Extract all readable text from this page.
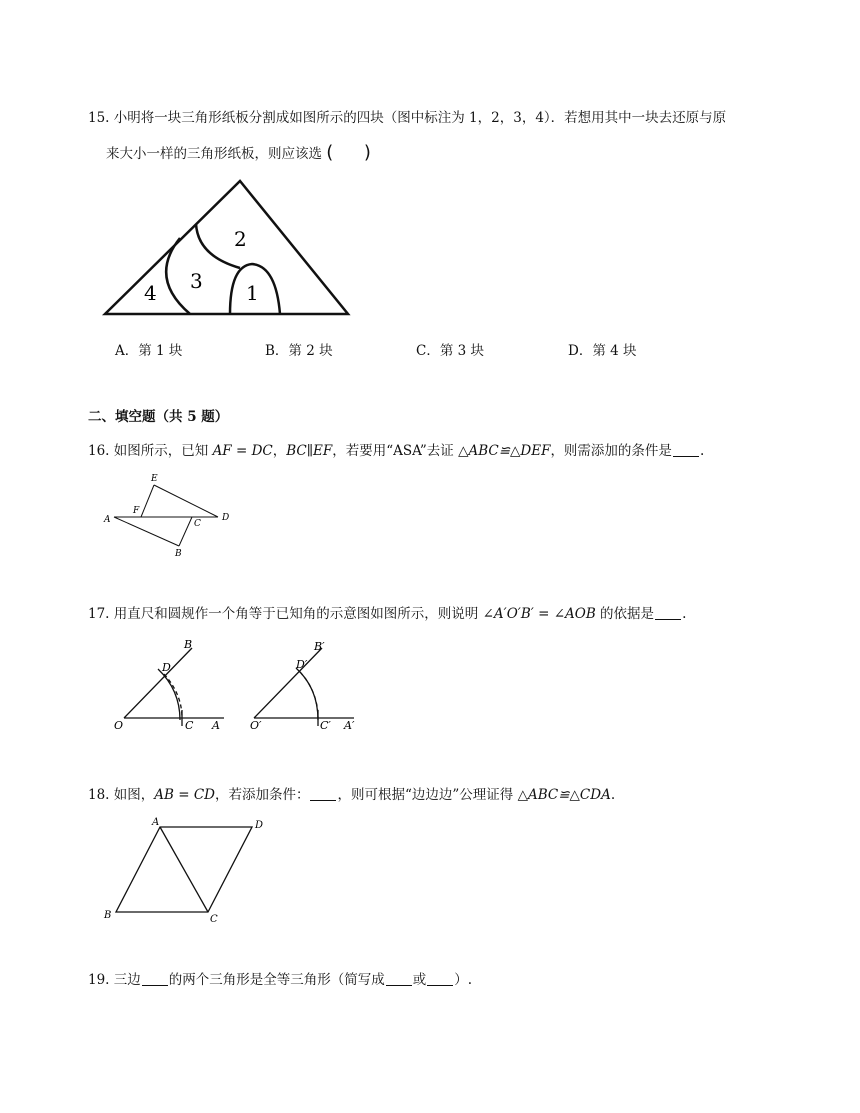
15. 小明将一块三角形纸板分割成如图所示的四块（图中标注为 1，2，3，4）．若想用其中一块去还原与原
来大小一样的三角形纸板，则应该选 ( )
2
3
4	1
A．第 1 块	B．第 2 块	C．第 3 块	D．第 4 块
二、填空题（共 5 题）
16. 如图所示，已知 AF = DC，BC∥EF，若要用“ASA”去证 △ABC≌△DEF，则需添加的条件是 .
E
F
A	C
D
B
17. 用直尺和圆规作一个角等于已知角的示意图如图所示，则说明 ∠A′O′B′ = ∠AOB 的依据是 .
B
D
O	C A
B′
D′
O′	C′ A′
18. 如图，AB = CD，若添加条件： ，则可根据“边边边”公理证得 △ABC≌△CDA.
A	D
B	C
19. 三边 的两个三角形是全等三角形（简写成 或 ）.
